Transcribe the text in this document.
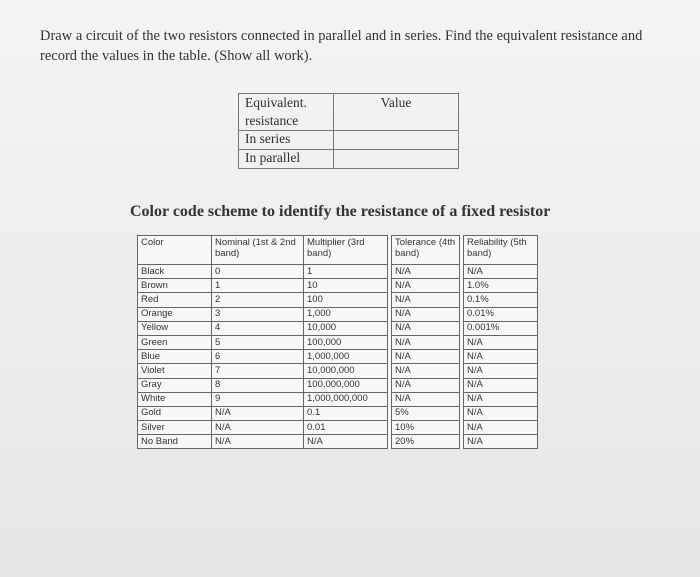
Draw a circuit of the two resistors connected in parallel and in series. Find the equivalent resistance and record the values in the table. (Show all work).
Equivalent. resistance	Value
In series	
In parallel	
Color code scheme to identify the resistance of a fixed resistor
Color	Nominal (1st & 2nd band)	Multiplier (3rd band)		Tolerance (4th band)		Reliability (5th band)
Black	0	1		N/A		N/A
Brown	1	10		N/A		1.0%
Red	2	100		N/A		0.1%
Orange	3	1,000		N/A		0.01%
Yellow	4	10,000		N/A		0.001%
Green	5	100,000		N/A		N/A
Blue	6	1,000,000		N/A		N/A
Violet	7	10,000,000		N/A		N/A
Gray	8	100,000,000		N/A		N/A
White	9	1,000,000,000		N/A		N/A
Gold	N/A	0.1		5%		N/A
Silver	N/A	0.01		10%		N/A
No Band	N/A	N/A		20%		N/A
